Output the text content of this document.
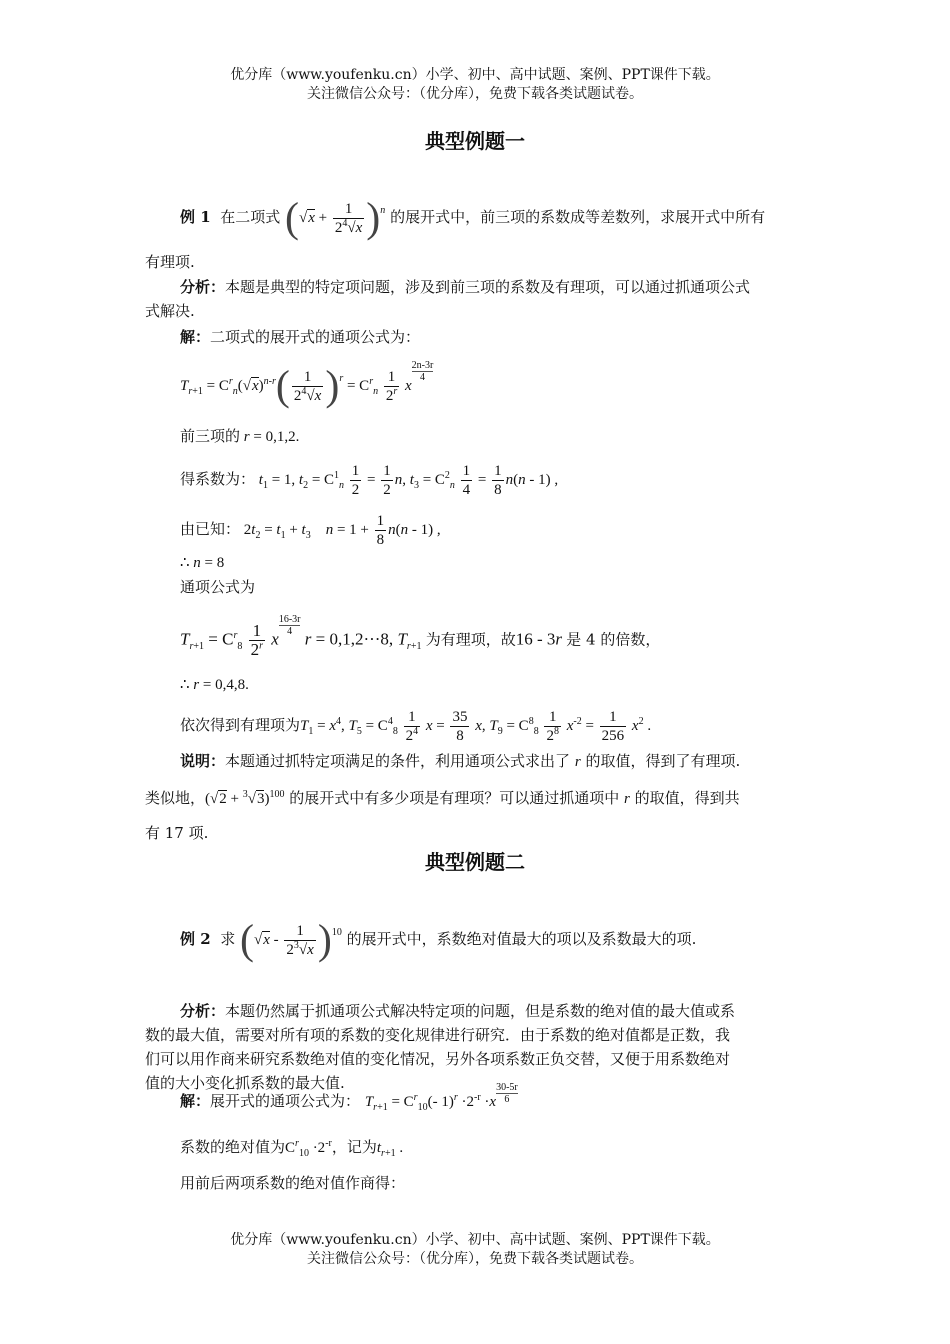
优分库（www.youfenku.cn）小学、初中、高中试题、案例、PPT课件下载。
关注微信公众号：（优分库），免费下载各类试题试卷。
典型例题一
例 1 在二项式 $(√x + \frac{1}{2^4√x} )^n$ 的展开式中，前三项的系数成等差数列，求展开式中所有
有理项.
分析：本题是典型的特定项问题，涉及到前三项的系数及有理项，可以通过抓通项公式
式解决.
解：二项式的展开式的通项公式为：
$T_{r+1} = C^r_n(√x)^{n-r}( \frac{1}{2^4√x} )^r = C^r_n \frac{1}{2^r}$ x
$\frac{2n-3r}{4}$
前三项的 r = 0,1,2.
得系数为： $t_1 = 1$, $t_2 = C^1_n \frac{1}{2} = \frac{1}{2} n$, $t_3 = C^2_n \frac{1}{4} = \frac{1}{8} n(n - 1)$ ,
由已知： $2t_2 = t_1 + t_3$ $n = 1 + \frac{1}{8} n(n - 1)$ ,
∴ n = 8
通项公式为
$T_{r+1} = C^r_8 \frac{1}{2^r}$ x
$\frac{16-3r}{4}$
r = 0,1,2···8, $T_{r+1}$ 为有理项，故16 - 3r 是 4 的倍数，
∴ r = 0,4,8.
依次得到有理项为$T_1 = x^4$, $T_5 = C^4_8 \frac{1}{2^4}$ $x = \frac{35}{8} x$, $T_9 = C^8_8 \frac{1}{2^8} x^{-2} = \frac{1}{256} x^2$ .
说明：本题通过抓特定项满足的条件，利用通项公式求出了 r 的取值，得到了有理项.
类似地，$(√2 + ^3√3)^{100}$ 的展开式中有多少项是有理项？可以通过抓通项中 r 的取值，得到共
有 17 项.
典型例题二
例 2 求 $(√x - \frac{1}{2^3√x} )^{10}$ 的展开式中，系数绝对值最大的项以及系数最大的项.
分析：本题仍然属于抓通项公式解决特定项的问题，但是系数的绝对值的最大值或系
数的最大值，需要对所有项的系数的变化规律进行研究．由于系数的绝对值都是正数，我
们可以用作商来研究系数绝对值的变化情况，另外各项系数正负交替，又便于用系数绝对
值的大小变化抓系数的最大值.
解：展开式的通项公式为： $T_{r+1} = C^r_{10}(-$ $1)^r \cdot 2^{-r} \cdot x \frac{30-5r}{6}$
系数的绝对值为$C^r_{10} \cdot 2^{-r}$，记为$t_{r+1}$ .
用前后两项系数的绝对值作商得：
优分库（www.youfenku.cn）小学、初中、高中试题、案例、PPT课件下载。
关注微信公众号：（优分库），免费下载各类试题试卷。
